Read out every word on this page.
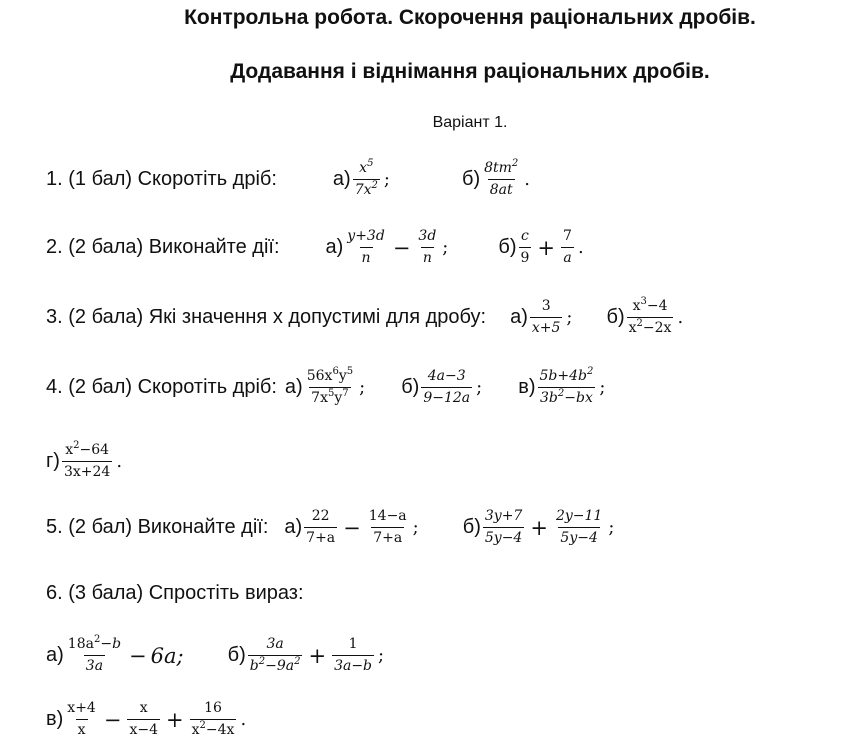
Контрольна робота. Скорочення раціональних дробів.
Додавання і віднімання раціональних дробів.
Варіант 1.
1. (1 бал) Скоротіть дріб:	$а) \frac{x^5}{7x^2}$ ;	$б) \frac{8tm^2}{8at}$ .
2. (2 бала) Виконайте дії: $а) \frac{y+3d}{n} - \frac{3d}{n}$ ;	$б) \frac{c}{9} + \frac{7}{a}$ .
3. (2 бала) Які значення х допустимі для дробу: $а) \frac{3}{x+5}$ ; $б) \frac{x^3-4}{x^2-2x}$ .
4. (2 бал) Скоротіть дріб: $а) \frac{56x^6y^5}{7x^5y^7}$ ; $б) \frac{4a-3}{9-12a}$ ; $в) \frac{5b+4b^2}{3b^2-bx}$ ;
$г) \frac{x^2-64}{3x+24}$ .
5. (2 бал) Виконайте дії: $а) \frac{22}{7+a} - \frac{14-a}{7+a}$ ; $б) \frac{3y+7}{5y-4} + \frac{2y-11}{5y-4}$ ;
6. (3 бала) Спростіть вираз:
$а) \frac{18a^2-b}{3a} - 6a$; $б) \frac{3a}{b^2-9a^2} + \frac{1}{3a-b}$ ;
$в) \frac{x+4}{x} - \frac{x}{x-4} + \frac{16}{x^2-4x}$ .
